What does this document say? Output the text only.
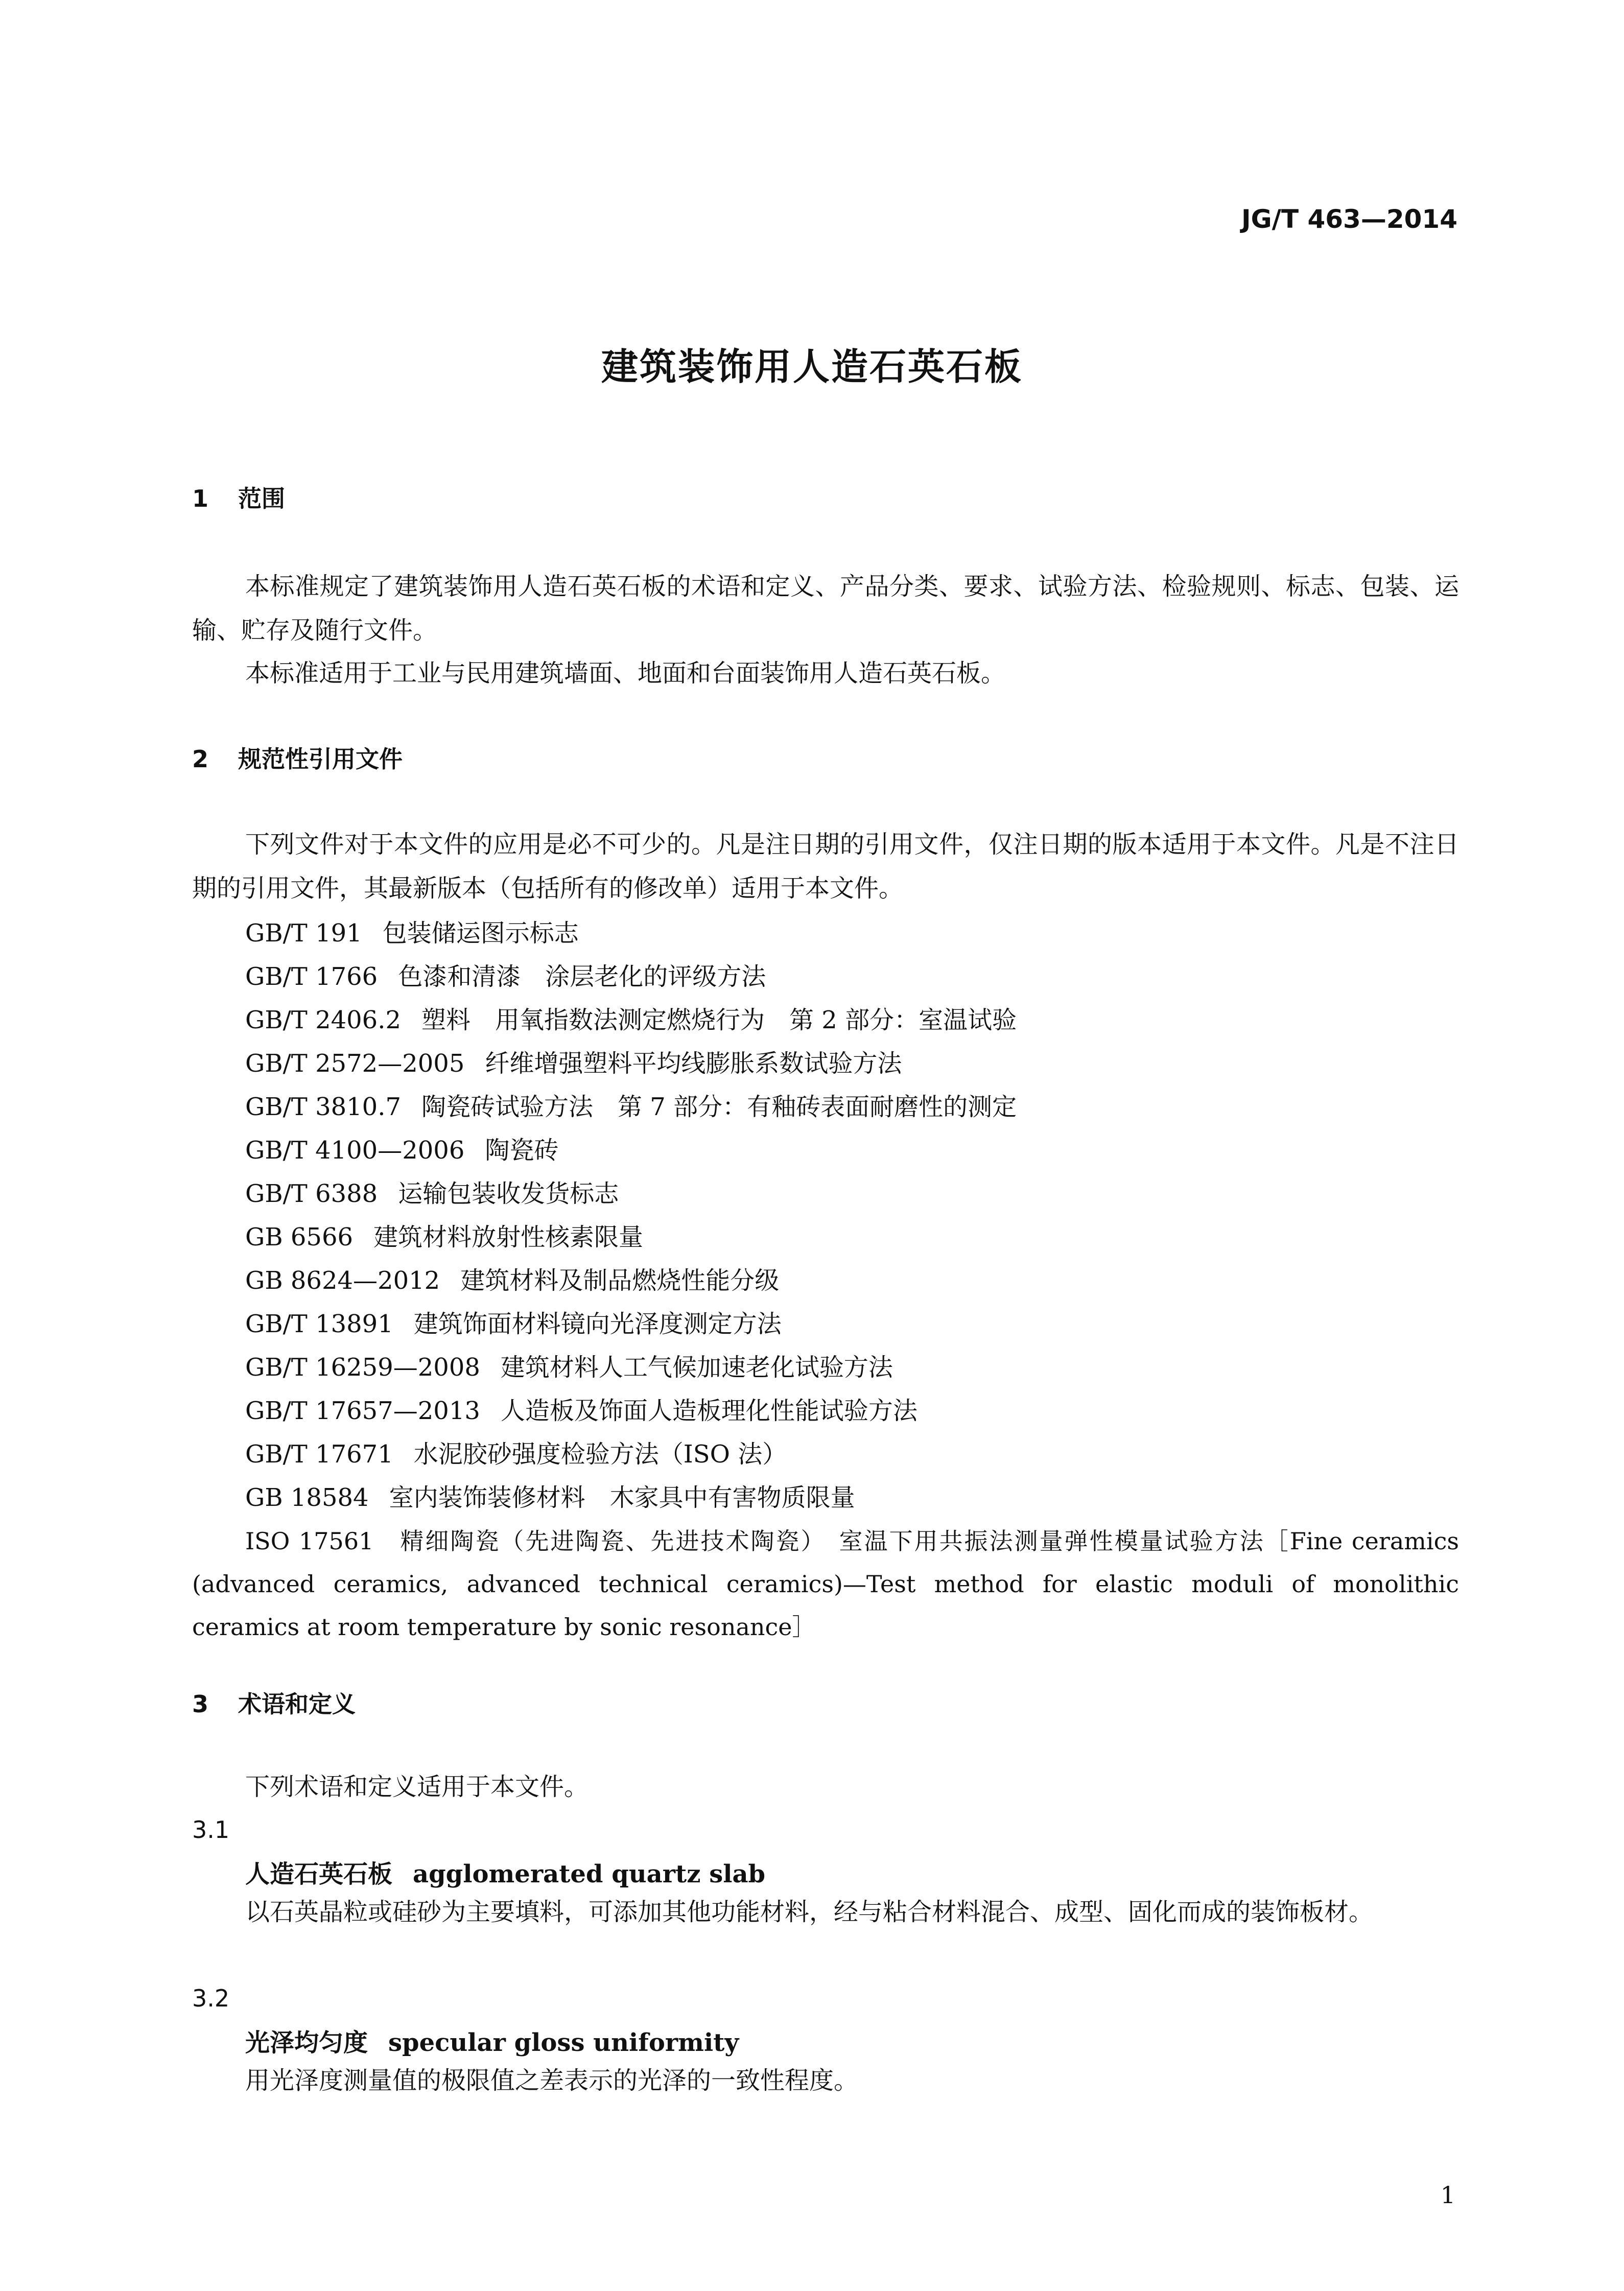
JG/T 463—2014
建筑装饰用人造石英石板
1 范围

本标准规定了建筑装饰用人造石英石板的术语和定义、产品分类、要求、试验方法、检验规则、标志、包装、运输、贮存及随行文件。

本标准适用于工业与民用建筑墙面、地面和台面装饰用人造石英石板。

2 规范性引用文件

下列文件对于本文件的应用是必不可少的。凡是注日期的引用文件，仅注日期的版本适用于本文件。凡是不注日期的引用文件，其最新版本（包括所有的修改单）适用于本文件。

GB/T 191 包装储运图示标志
GB/T 1766 色漆和清漆　涂层老化的评级方法
GB/T 2406.2 塑料　用氧指数法测定燃烧行为　第 2 部分：室温试验
GB/T 2572—2005 纤维增强塑料平均线膨胀系数试验方法
GB/T 3810.7 陶瓷砖试验方法　第 7 部分：有釉砖表面耐磨性的测定
GB/T 4100—2006 陶瓷砖
GB/T 6388 运输包装收发货标志
GB 6566 建筑材料放射性核素限量
GB 8624—2012 建筑材料及制品燃烧性能分级
GB/T 13891 建筑饰面材料镜向光泽度测定方法
GB/T 16259—2008 建筑材料人工气候加速老化试验方法
GB/T 17657—2013 人造板及饰面人造板理化性能试验方法
GB/T 17671 水泥胶砂强度检验方法（ISO 法）
GB 18584 室内装饰装修材料　木家具中有害物质限量

ISO 17561　精细陶瓷（先进陶瓷、先进技术陶瓷）　室温下用共振法测量弹性模量试验方法［Fine ceramics (advanced ceramics, advanced technical ceramics)—Test method for elastic moduli of monolithic ceramics at room temperature by sonic resonance］

3 术语和定义

下列术语和定义适用于本文件。

3.1
人造石英石板 agglomerated quartz slab

以石英晶粒或硅砂为主要填料，可添加其他功能材料，经与粘合材料混合、成型、固化而成的装饰板材。

3.2
光泽均匀度 specular gloss uniformity

用光泽度测量值的极限值之差表示的光泽的一致性程度。

1
